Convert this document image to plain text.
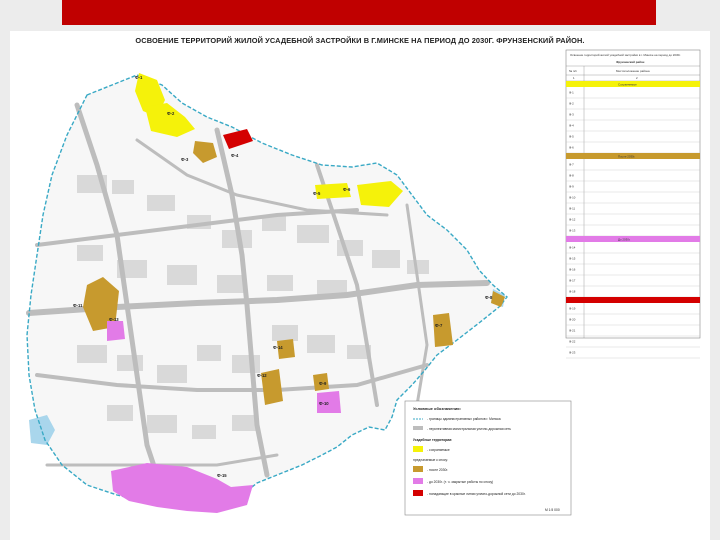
ОСВОЕНИЕ ТЕРРИТОРИЙ ЖИЛОЙ УСАДЕБНОЙ ЗАСТРОЙКИ В Г.МИНСКЕ НА ПЕРИОД ДО 2030Г. ФРУНЗЕНСКИЙ РАЙОН.
Ф-1
Ф-2
Ф-3
Ф-4
Ф-5
Ф-6
Ф-7
Ф-8
Ф-9
Ф-10
Ф-11
Ф-12
Ф-13
Ф-14
Ф-15
Условные обозначения:
- границы административных районов г. Минска
- перспективная магистральная улично-дорожная сеть
Усадебные территории:
- сохраняемые
предлагаемые к сносу:
- после 2030г.
- до 2030г. (т. ч. закрытые работы по сносу)
- попадающие в красные линии улично-дорожной сети до 2030г.
М 1:5 000
Освоение территорий жилой усадебной застройки в г. Минске на период до 2030г.
Фрунзенский район
№ п/п	Местоположение района
1	2
Сохраняемые
Ф-1
Ф-2
Ф-3
Ф-4
Ф-5
Ф-6
После 2030г.
Ф-7
Ф-8
Ф-9
Ф-10
Ф-11
Ф-12
Ф-13
До 2030г.
Ф-14
Ф-15
Ф-16
Ф-17
Ф-18
Ф-19
Ф-20
Ф-21
Ф-22
Ф-23
